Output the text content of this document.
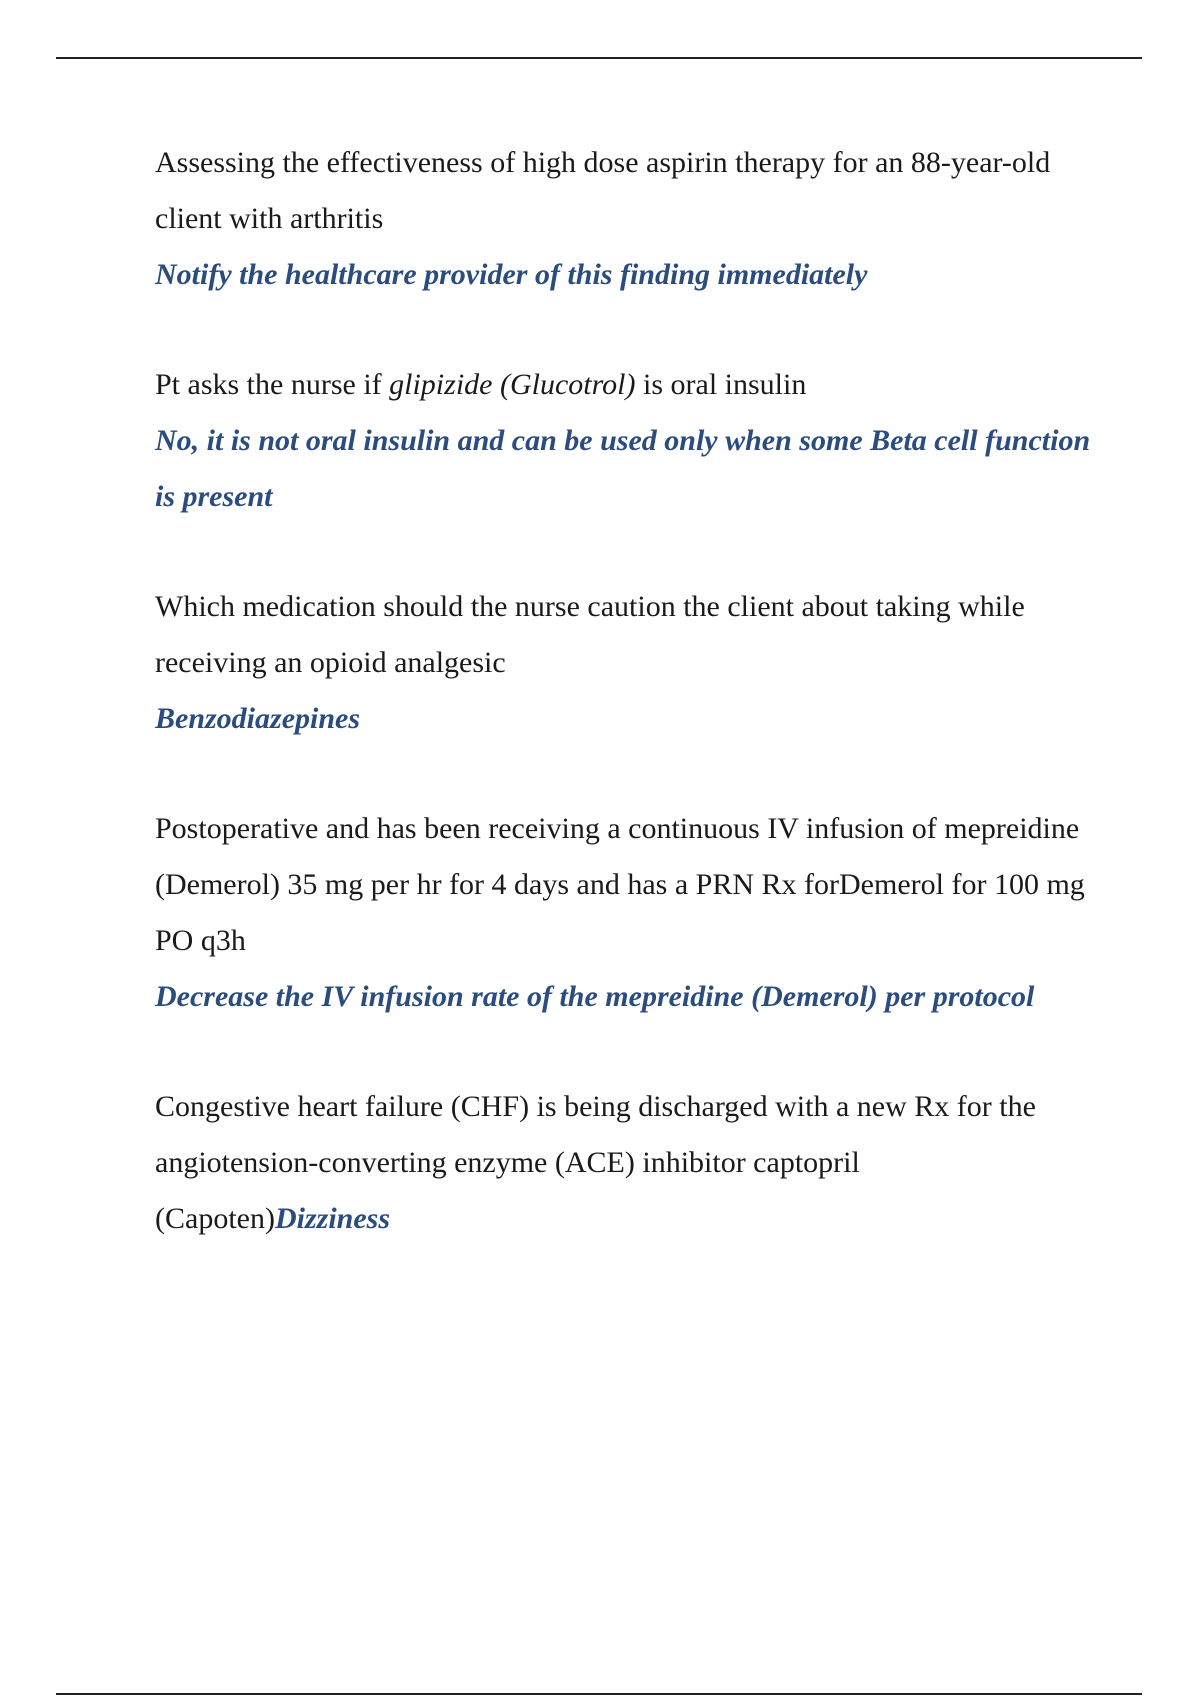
Assessing the effectiveness of high dose aspirin therapy for an 88-year-old client with arthritis

Notify the healthcare provider of this finding immediately

Pt asks the nurse if glipizide (Glucotrol) is oral insulin

No, it is not oral insulin and can be used only when some Beta cell function is present

Which medication should the nurse caution the client about taking while receiving an opioid analgesic

Benzodiazepines

Postoperative and has been receiving a continuous IV infusion of mepreidine (Demerol) 35 mg per hr for 4 days and has a PRN Rx forDemerol for 100 mg PO q3h

Decrease the IV infusion rate of the mepreidine (Demerol) per protocol

Congestive heart failure (CHF) is being discharged with a new Rx for the angiotension-converting enzyme (ACE) inhibitor captopril (Capoten)Dizziness
